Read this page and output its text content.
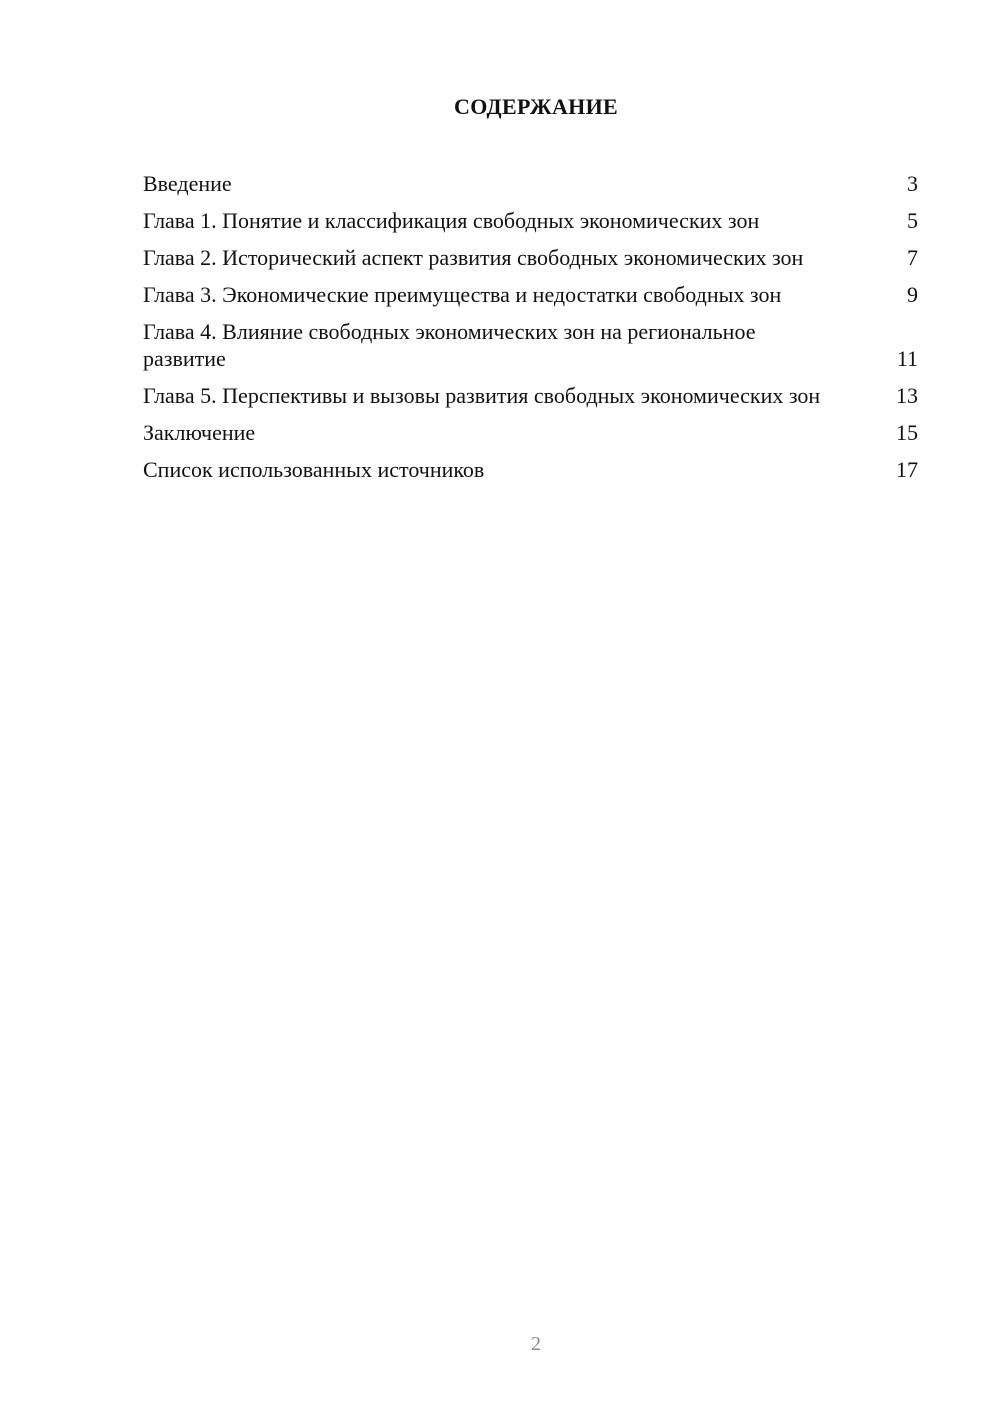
СОДЕРЖАНИЕ
Введение	3
Глава 1. Понятие и классификация свободных экономических зон	5
Глава 2. Исторический аспект развития свободных экономических зон	7
Глава 3. Экономические преимущества и недостатки свободных зон	9
Глава 4. Влияние свободных экономических зон на региональное развитие	11
Глава 5. Перспективы и вызовы развития свободных экономических зон	13
Заключение	15
Список использованных источников	17
2
